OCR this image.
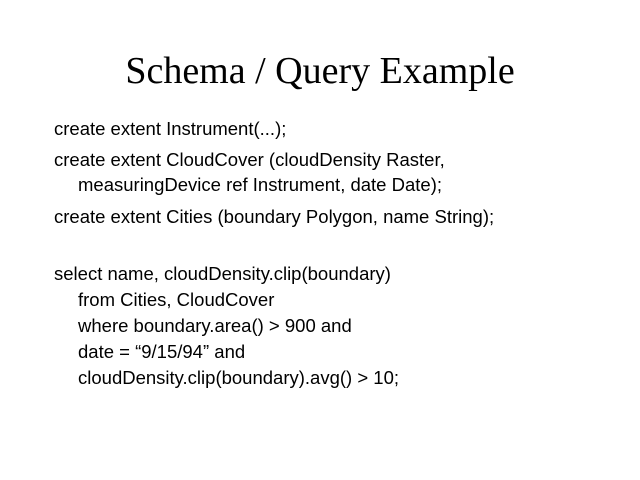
Schema / Query Example
create extent Instrument(...);
create extent CloudCover (cloudDensity Raster,
measuringDevice ref Instrument, date Date);
create extent Cities (boundary Polygon, name String);
select name, cloudDensity.clip(boundary)
from Cities, CloudCover
where boundary.area() > 900 and
date = “9/15/94” and
cloudDensity.clip(boundary).avg() > 10;
